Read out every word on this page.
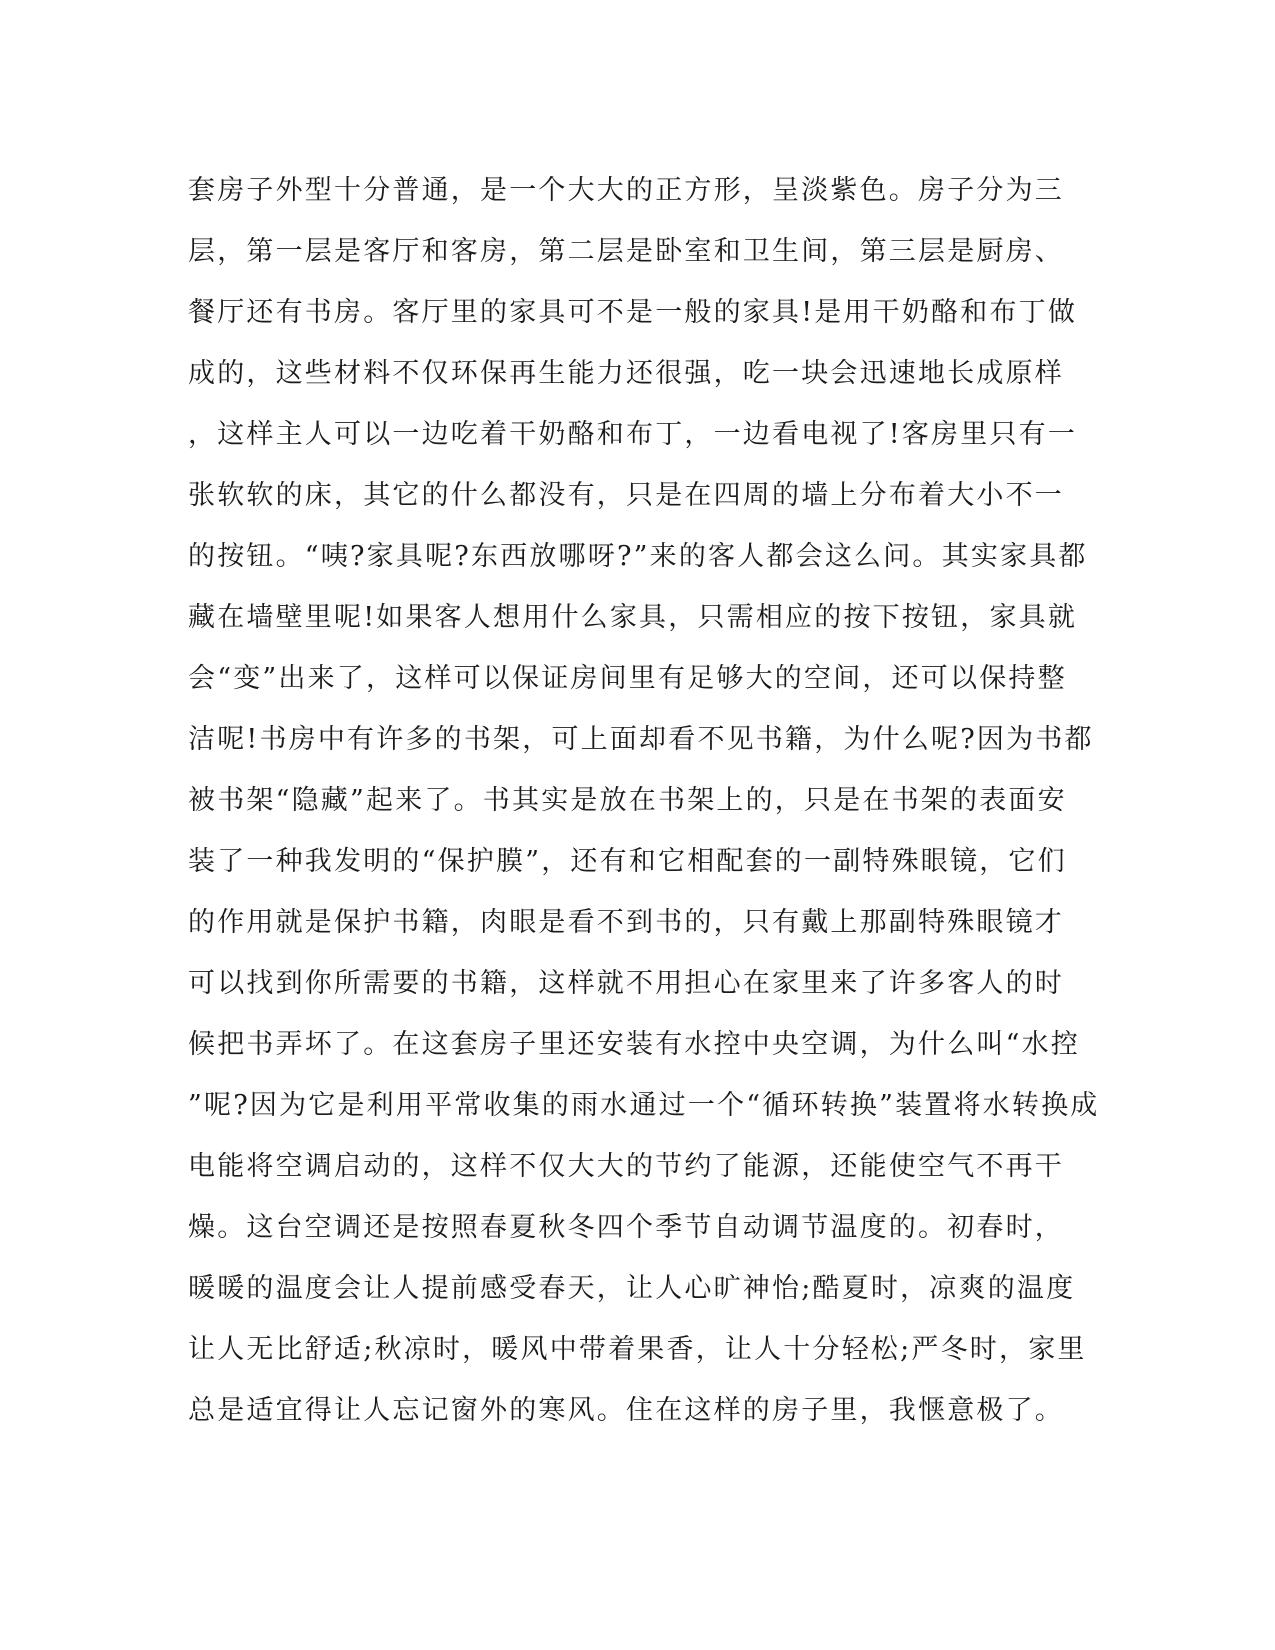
套房子外型十分普通，是一个大大的正方形，呈淡紫色。房子分为三
层，第一层是客厅和客房，第二层是卧室和卫生间，第三层是厨房、
餐厅还有书房。客厅里的家具可不是一般的家具!是用干奶酪和布丁做
成的，这些材料不仅环保再生能力还很强，吃一块会迅速地长成原样
，这样主人可以一边吃着干奶酪和布丁，一边看电视了!客房里只有一
张软软的床，其它的什么都没有，只是在四周的墙上分布着大小不一
的按钮。“咦?家具呢?东西放哪呀?”来的客人都会这么问。其实家具都
藏在墙壁里呢!如果客人想用什么家具，只需相应的按下按钮，家具就
会“变”出来了，这样可以保证房间里有足够大的空间，还可以保持整
洁呢!书房中有许多的书架，可上面却看不见书籍，为什么呢?因为书都
被书架“隐藏”起来了。书其实是放在书架上的，只是在书架的表面安
装了一种我发明的“保护膜”，还有和它相配套的一副特殊眼镜，它们
的作用就是保护书籍，肉眼是看不到书的，只有戴上那副特殊眼镜才
可以找到你所需要的书籍，这样就不用担心在家里来了许多客人的时
候把书弄坏了。在这套房子里还安装有水控中央空调，为什么叫“水控
”呢?因为它是利用平常收集的雨水通过一个“循环转换”装置将水转换成
电能将空调启动的，这样不仅大大的节约了能源，还能使空气不再干
燥。这台空调还是按照春夏秋冬四个季节自动调节温度的。初春时，
暖暖的温度会让人提前感受春天，让人心旷神怡;酷夏时，凉爽的温度
让人无比舒适;秋凉时，暖风中带着果香，让人十分轻松;严冬时，家里
总是适宜得让人忘记窗外的寒风。住在这样的房子里，我惬意极了。
